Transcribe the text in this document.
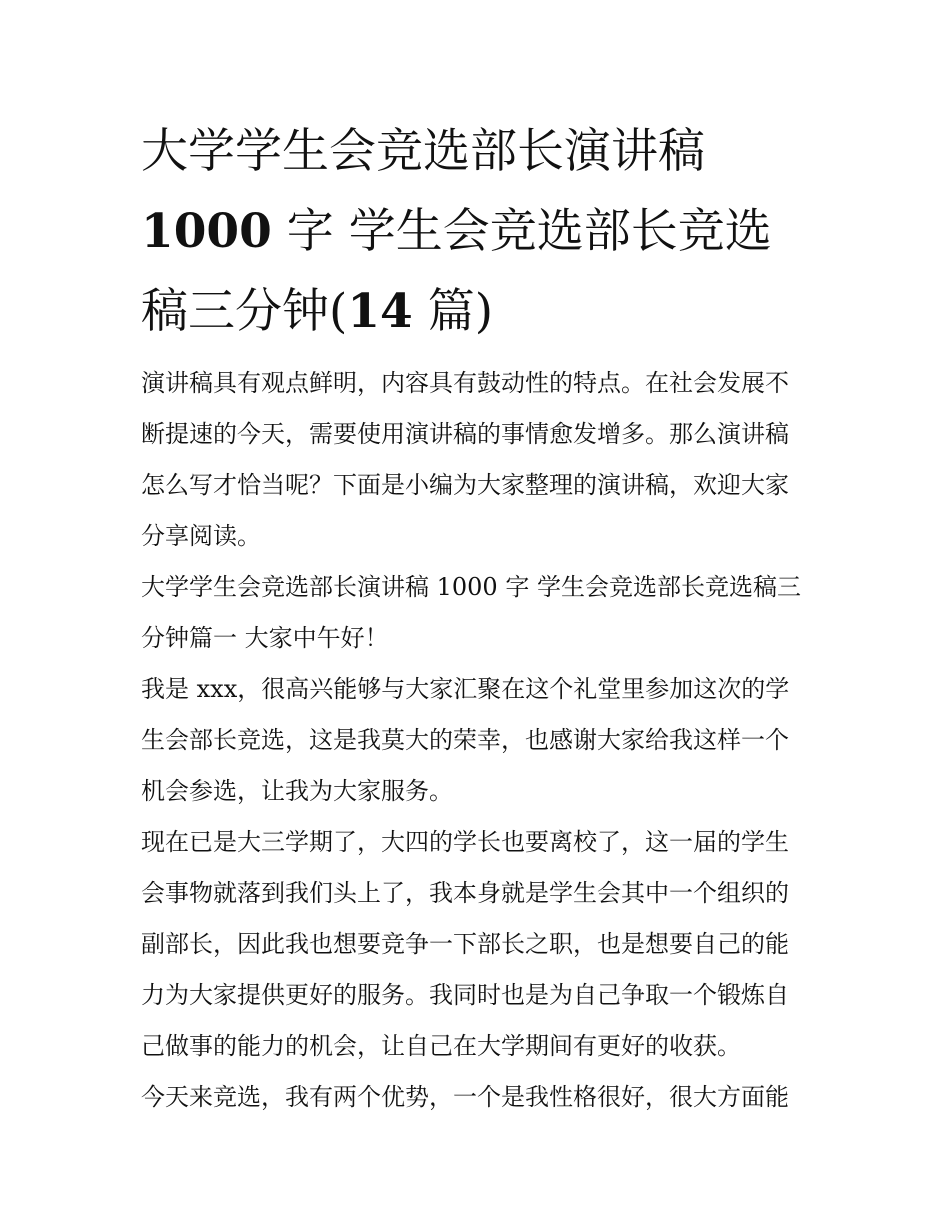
大学学生会竞选部长演讲稿
1000 字 学生会竞选部长竞选
稿三分钟(14 篇)
演讲稿具有观点鲜明，内容具有鼓动性的特点。在社会发展不
断提速的今天，需要使用演讲稿的事情愈发增多。那么演讲稿
怎么写才恰当呢？下面是小编为大家整理的演讲稿，欢迎大家
分享阅读。
大学学生会竞选部长演讲稿 1000 字 学生会竞选部长竞选稿三
分钟篇一 大家中午好！
我是 xxx，很高兴能够与大家汇聚在这个礼堂里参加这次的学
生会部长竞选，这是我莫大的荣幸，也感谢大家给我这样一个
机会参选，让我为大家服务。
现在已是大三学期了，大四的学长也要离校了，这一届的学生
会事物就落到我们头上了，我本身就是学生会其中一个组织的
副部长，因此我也想要竞争一下部长之职，也是想要自己的能
力为大家提供更好的服务。我同时也是为自己争取一个锻炼自
己做事的能力的机会，让自己在大学期间有更好的收获。
今天来竞选，我有两个优势，一个是我性格很好，很大方面能
